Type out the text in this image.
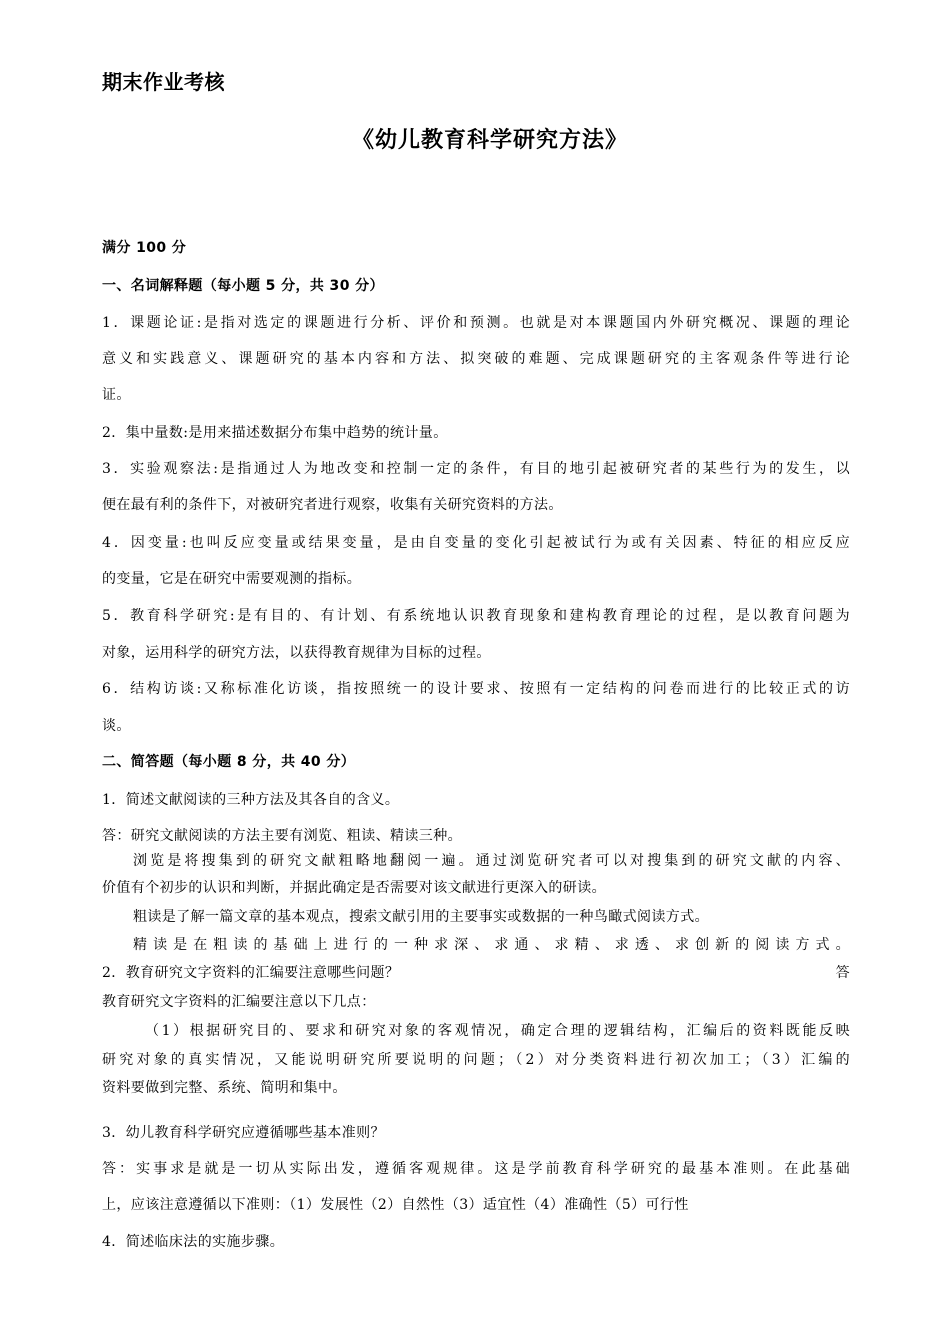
期末作业考核
《幼儿教育科学研究方法》
满分 100 分
一、名词解释题（每小题 5 分，共 30 分）
1．课题论证:是指对选定的课题进行分析、评价和预测。也就是对本课题国内外研究概况、课题的理论
意义和实践意义、课题研究的基本内容和方法、拟突破的难题、完成课题研究的主客观条件等进行论
证。
2．集中量数:是用来描述数据分布集中趋势的统计量。
3．实验观察法:是指通过人为地改变和控制一定的条件，有目的地引起被研究者的某些行为的发生，以
便在最有利的条件下，对被研究者进行观察，收集有关研究资料的方法。
4．因变量:也叫反应变量或结果变量，是由自变量的变化引起被试行为或有关因素、特征的相应反应
的变量，它是在研究中需要观测的指标。
5．教育科学研究:是有目的、有计划、有系统地认识教育现象和建构教育理论的过程，是以教育问题为
对象，运用科学的研究方法，以获得教育规律为目标的过程。
6．结构访谈:又称标准化访谈，指按照统一的设计要求、按照有一定结构的问卷而进行的比较正式的访
谈。
二、简答题（每小题 8 分，共 40 分）
1．简述文献阅读的三种方法及其各自的含义。
答：研究文献阅读的方法主要有浏览、粗读、精读三种。
浏览是将搜集到的研究文献粗略地翻阅一遍。通过浏览研究者可以对搜集到的研究文献的内容、
价值有个初步的认识和判断，并据此确定是否需要对该文献进行更深入的研读。
粗读是了解一篇文章的基本观点，搜索文献引用的主要事实或数据的一种鸟瞰式阅读方式。
精读是在粗读的基础上进行的一种求深、求通、求精、求透、求创新的阅读方式。
2．教育研究文字资料的汇编要注意哪些问题？	答
教育研究文字资料的汇编要注意以下几点：
（1）根据研究目的、要求和研究对象的客观情况，确定合理的逻辑结构，汇编后的资料既能反映
研究对象的真实情况，又能说明研究所要说明的问题；（2）对分类资料进行初次加工；（3）汇编的
资料要做到完整、系统、简明和集中。
3．幼儿教育科学研究应遵循哪些基本准则？
答：实事求是就是一切从实际出发，遵循客观规律。这是学前教育科学研究的最基本准则。在此基础
上，应该注意遵循以下准则：（1）发展性（2）自然性（3）适宜性（4）准确性（5）可行性
4．简述临床法的实施步骤。
